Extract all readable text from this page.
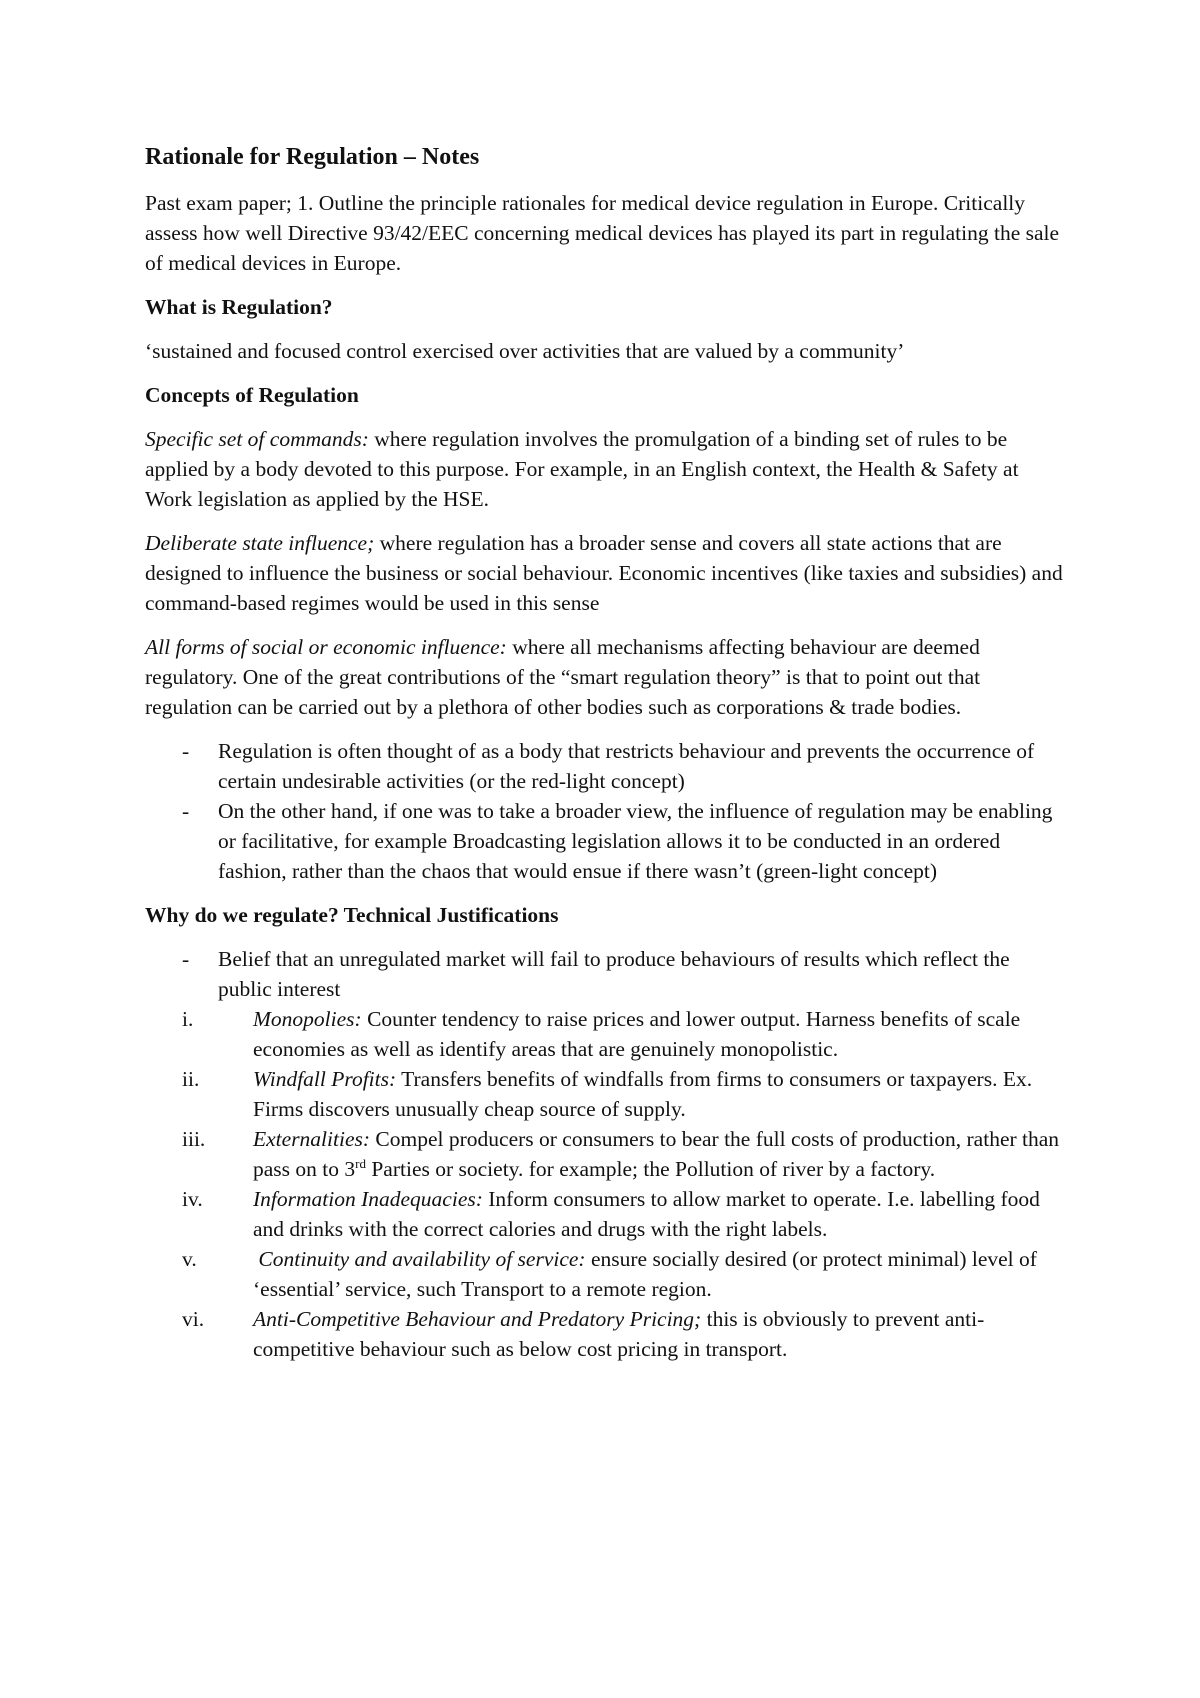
Rationale for Regulation – Notes

Past exam paper; 1. Outline the principle rationales for medical device regulation in Europe. Critically assess how well Directive 93/42/EEC concerning medical devices has played its part in regulating the sale of medical devices in Europe.

What is Regulation?

‘sustained and focused control exercised over activities that are valued by a community’

Concepts of Regulation

Specific set of commands: where regulation involves the promulgation of a binding set of rules to be applied by a body devoted to this purpose. For example, in an English context, the Health & Safety at Work legislation as applied by the HSE.

Deliberate state influence; where regulation has a broader sense and covers all state actions that are designed to influence the business or social behaviour. Economic incentives (like taxies and subsidies) and command-based regimes would be used in this sense

All forms of social or economic influence: where all mechanisms affecting behaviour are deemed regulatory. One of the great contributions of the “smart regulation theory” is that to point out that regulation can be carried out by a plethora of other bodies such as corporations & trade bodies.

- Regulation is often thought of as a body that restricts behaviour and prevents the occurrence of certain undesirable activities (or the red-light concept)
- On the other hand, if one was to take a broader view, the influence of regulation may be enabling or facilitative, for example Broadcasting legislation allows it to be conducted in an ordered fashion, rather than the chaos that would ensue if there wasn’t (green-light concept)
Why do we regulate? Technical Justifications
- Belief that an unregulated market will fail to produce behaviours of results which reflect the public interest
i.	Monopolies: Counter tendency to raise prices and lower output. Harness benefits of scale economies as well as identify areas that are genuinely monopolistic.
ii. Windfall Profits: Transfers benefits of windfalls from firms to consumers or taxpayers. Ex. Firms discovers unusually cheap source of supply.
iii. Externalities: Compel producers or consumers to bear the full costs of production, rather than pass on to 3rd Parties or society. for example; the Pollution of river by a factory.
iv. Information Inadequacies: Inform consumers to allow market to operate. I.e. labelling food and drinks with the correct calories and drugs with the right labels.
v.	Continuity and availability of service: ensure socially desired (or protect minimal) level of ‘essential’ service, such Transport to a remote region.
vi. Anti-Competitive Behaviour and Predatory Pricing; this is obviously to prevent anti-competitive behaviour such as below cost pricing in transport.
